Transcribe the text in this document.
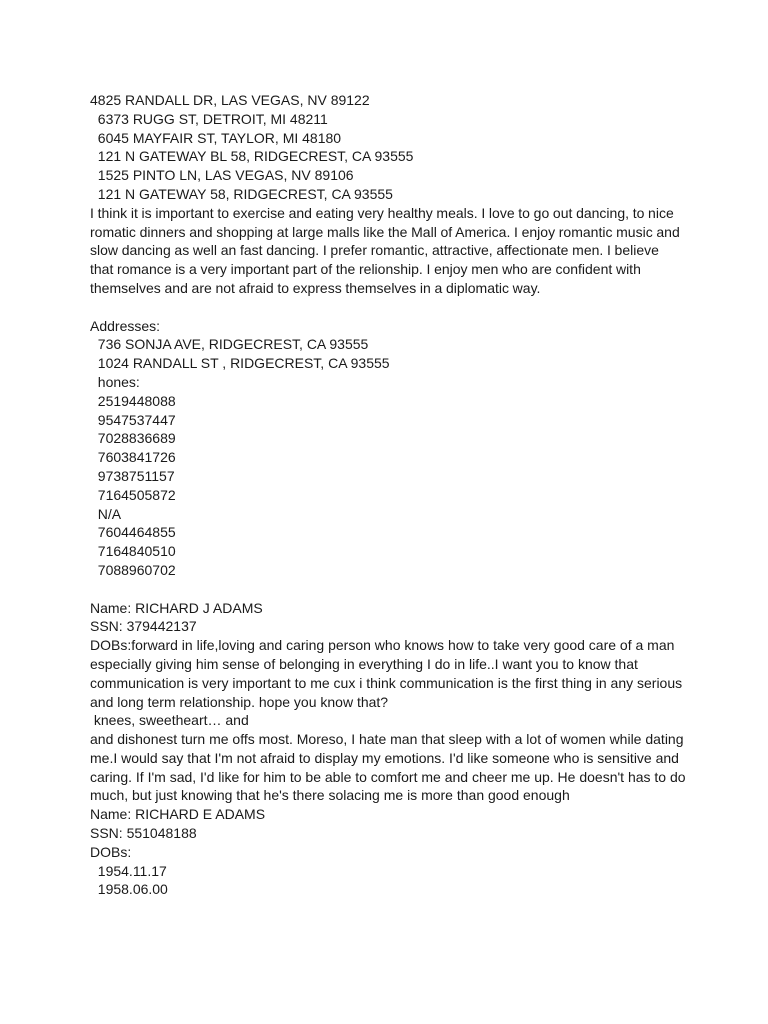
4825 RANDALL DR, LAS VEGAS, NV 89122
6373 RUGG ST, DETROIT, MI 48211
6045 MAYFAIR ST, TAYLOR, MI 48180
121 N GATEWAY BL 58, RIDGECREST, CA 93555
1525 PINTO LN, LAS VEGAS, NV 89106
121 N GATEWAY 58, RIDGECREST, CA 93555
I think it is important to exercise and eating very healthy meals. I love to go out dancing, to nice
romatic dinners and shopping at large malls like the Mall of America. I enjoy romantic music and
slow dancing as well an fast dancing. I prefer romantic, attractive, affectionate men. I believe
that romance is a very important part of the relionship. I enjoy men who are confident with
themselves and are not afraid to express themselves in a diplomatic way.
Addresses:
736 SONJA AVE, RIDGECREST, CA 93555
1024 RANDALL ST , RIDGECREST, CA 93555
hones:
2519448088
9547537447
7028836689
7603841726
9738751157
7164505872
N/A
7604464855
7164840510
7088960702
Name: RICHARD J ADAMS
SSN: 379442137
DOBs:forward in life,loving and caring person who knows how to take very good care of a man
especially giving him sense of belonging in everything I do in life..I want you to know that
communication is very important to me cux i think communication is the first thing in any serious
and long term relationship. hope you know that?
knees, sweetheart… and
and dishonest turn me offs most. Moreso, I hate man that sleep with a lot of women while dating
me.I would say that I'm not afraid to display my emotions. I'd like someone who is sensitive and
caring. If I'm sad, I'd like for him to be able to comfort me and cheer me up. He doesn't has to do
much, but just knowing that he's there solacing me is more than good enough
Name: RICHARD E ADAMS
SSN: 551048188
DOBs:
1954.11.17
1958.06.00
